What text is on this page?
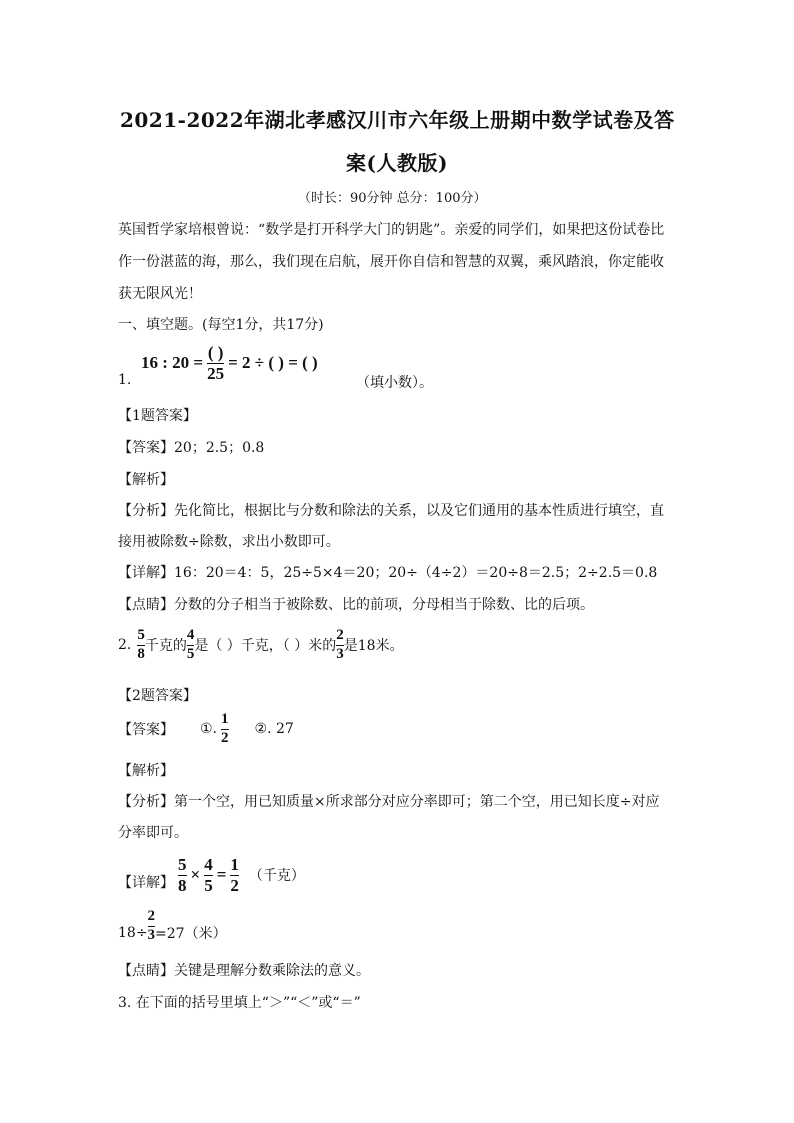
2021-2022年湖北孝感汉川市六年级上册期中数学试卷及答
案(人教版)
（时长：90分钟 总分：100分）
英国哲学家培根曾说：“数学是打开科学大门的钥匙”。亲爱的同学们，如果把这份试卷比
作一份湛蓝的海，那么，我们现在启航，展开你自信和智慧的双翼，乘风踏浪，你定能收
获无限风光！
一、填空题。(每空1分，共17分)
1.
16 : $20 = \frac{( )}{25} = 2$ ÷ ( ) = ( )
（填小数）。
【1题答案】
【答案】20；2.5；0.8
【解析】
【分析】先化简比，根据比与分数和除法的关系，以及它们通用的基本性质进行填空，直
接用被除数÷除数，求出小数即可。
【详解】16：20＝4：5，25÷5×4＝20；20÷（4÷2）＝20÷8＝2.5；2÷2.5＝0.8
【点睛】分数的分子相当于被除数、比的前项，分母相当于除数、比的后项。
2. $\frac{5}{8}$ 千克的 $\frac{4}{5}$ 是（ ）千克，（ ）米的 $\frac{2}{3}$ 是18米。
【2题答案】
【答案】 ①. $\frac{1}{2}$ ②. 27
【解析】
【分析】第一个空，用已知质量×所求部分对应分率即可；第二个空，用已知长度÷对应
分率即可。
【详解】 $\frac{5}{8} \times \frac{4}{5} = \frac{1}{2}$ （千克）
$18\div \frac{2}{3} =27$（米）
【点睛】关键是理解分数乘除法的意义。
3. 在下面的括号里填上“＞”“＜”或“＝”
